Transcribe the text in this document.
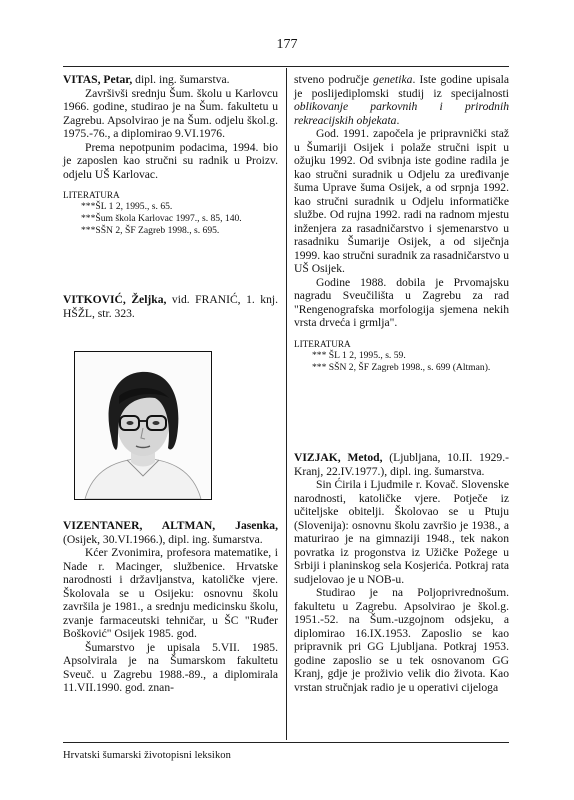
177

VITAS, Petar, dipl. ing. šumarstva.

Završivši srednju Šum. školu u Karlovcu 1966. godine, studirao je na Šum. fakultetu u Zagrebu. Apsolvirao je na Šum. odjelu škol.g. 1975.-76., a diplomirao 9.VI.1976.

Prema nepotpunim podacima, 1994. bio je zaposlen kao stručni su radnik u Proizv. odjelu UŠ Karlovac.

LITERATURA

***ŠL 1 2, 1995., s. 65.

***Šum škola Karlovac 1997., s. 85, 140.

***SŠN 2, ŠF Zagreb 1998., s. 695.

VITKOVIĆ, Željka, vid. FRANIĆ, 1. knj. HŠŽL, str. 323.

VIZENTANER, ALTMAN, Jasenka, (Osijek, 30.VI.1966.), dipl. ing. šumarstva.

Kćer Zvonimira, profesora matematike, i Nade r. Macinger, službenice. Hrvatske narodnosti i državljanstva, katoličke vjere. Školovala se u Osijeku: osnovnu školu završila je 1981., a srednju medicinsku školu, zvanje farmaceutski tehničar, u ŠC "Ruđer Bošković" Osijek 1985. god.

Šumarstvo je upisala 5.VII. 1985. Apsolvirala je na Šumarskom fakultetu Sveuč. u Zagrebu 1988.-89., a diplomirala 11.VII.1990. god. znan-

stveno područje genetika. Iste godine upisala je poslijediplomski studij iz specijalnosti oblikovanje parkovnih i prirodnih rekreacijskih objekata.

God. 1991. započela je pripravnički staž u Šumariji Osijek i polaže stručni ispit u ožujku 1992. Od svibnja iste godine radila je kao stručni suradnik u Odjelu za uređivanje šuma Uprave šuma Osijek, a od srpnja 1992. kao stručni suradnik u Odjelu informatičke službe. Od rujna 1992. radi na radnom mjestu inženjera za rasadničarstvo i sjemenarstvo u rasadniku Šumarije Osijek, a od siječnja 1999. kao stručni suradnik za rasadničarstvo u UŠ Osijek.

Godine 1988. dobila je Prvomajsku nagradu Sveučilišta u Zagrebu za rad "Rengenografska morfologija sjemena nekih vrsta drveća i grmlja".

LITERATURA

*** ŠL 1 2, 1995., s. 59.

*** SŠN 2, ŠF Zagreb 1998., s. 699 (Altman).

VIZJAK, Metod, (Ljubljana, 10.II. 1929.-Kranj, 22.IV.1977.), dipl. ing. šumarstva.

Sin Ćirila i Ljudmile r. Kovač. Slovenske narodnosti, katoličke vjere. Potječe iz učiteljske obitelji. Školovao se u Ptuju (Slovenija): osnovnu školu završio je 1938., a maturirao je na gimnaziji 1948., tek nakon povratka iz progonstva iz Užičke Požege u Srbiji i planinskog sela Kosjerića. Potkraj rata sudjelovao je u NOB-u.

Studirao je na Poljoprivrednošum. fakultetu u Zagrebu. Apsolvirao je škol.g. 1951.-52. na Šum.-uzgojnom odsjeku, a diplomirao 16.IX.1953. Zaposlio se kao pripravnik pri GG Ljubljana. Potkraj 1953. godine zaposlio se u tek osnovanom GG Kranj, gdje je proživio velik dio života. Kao vrstan stručnjak radio je u operativi cijeloga

Hrvatski šumarski životopisni leksikon
